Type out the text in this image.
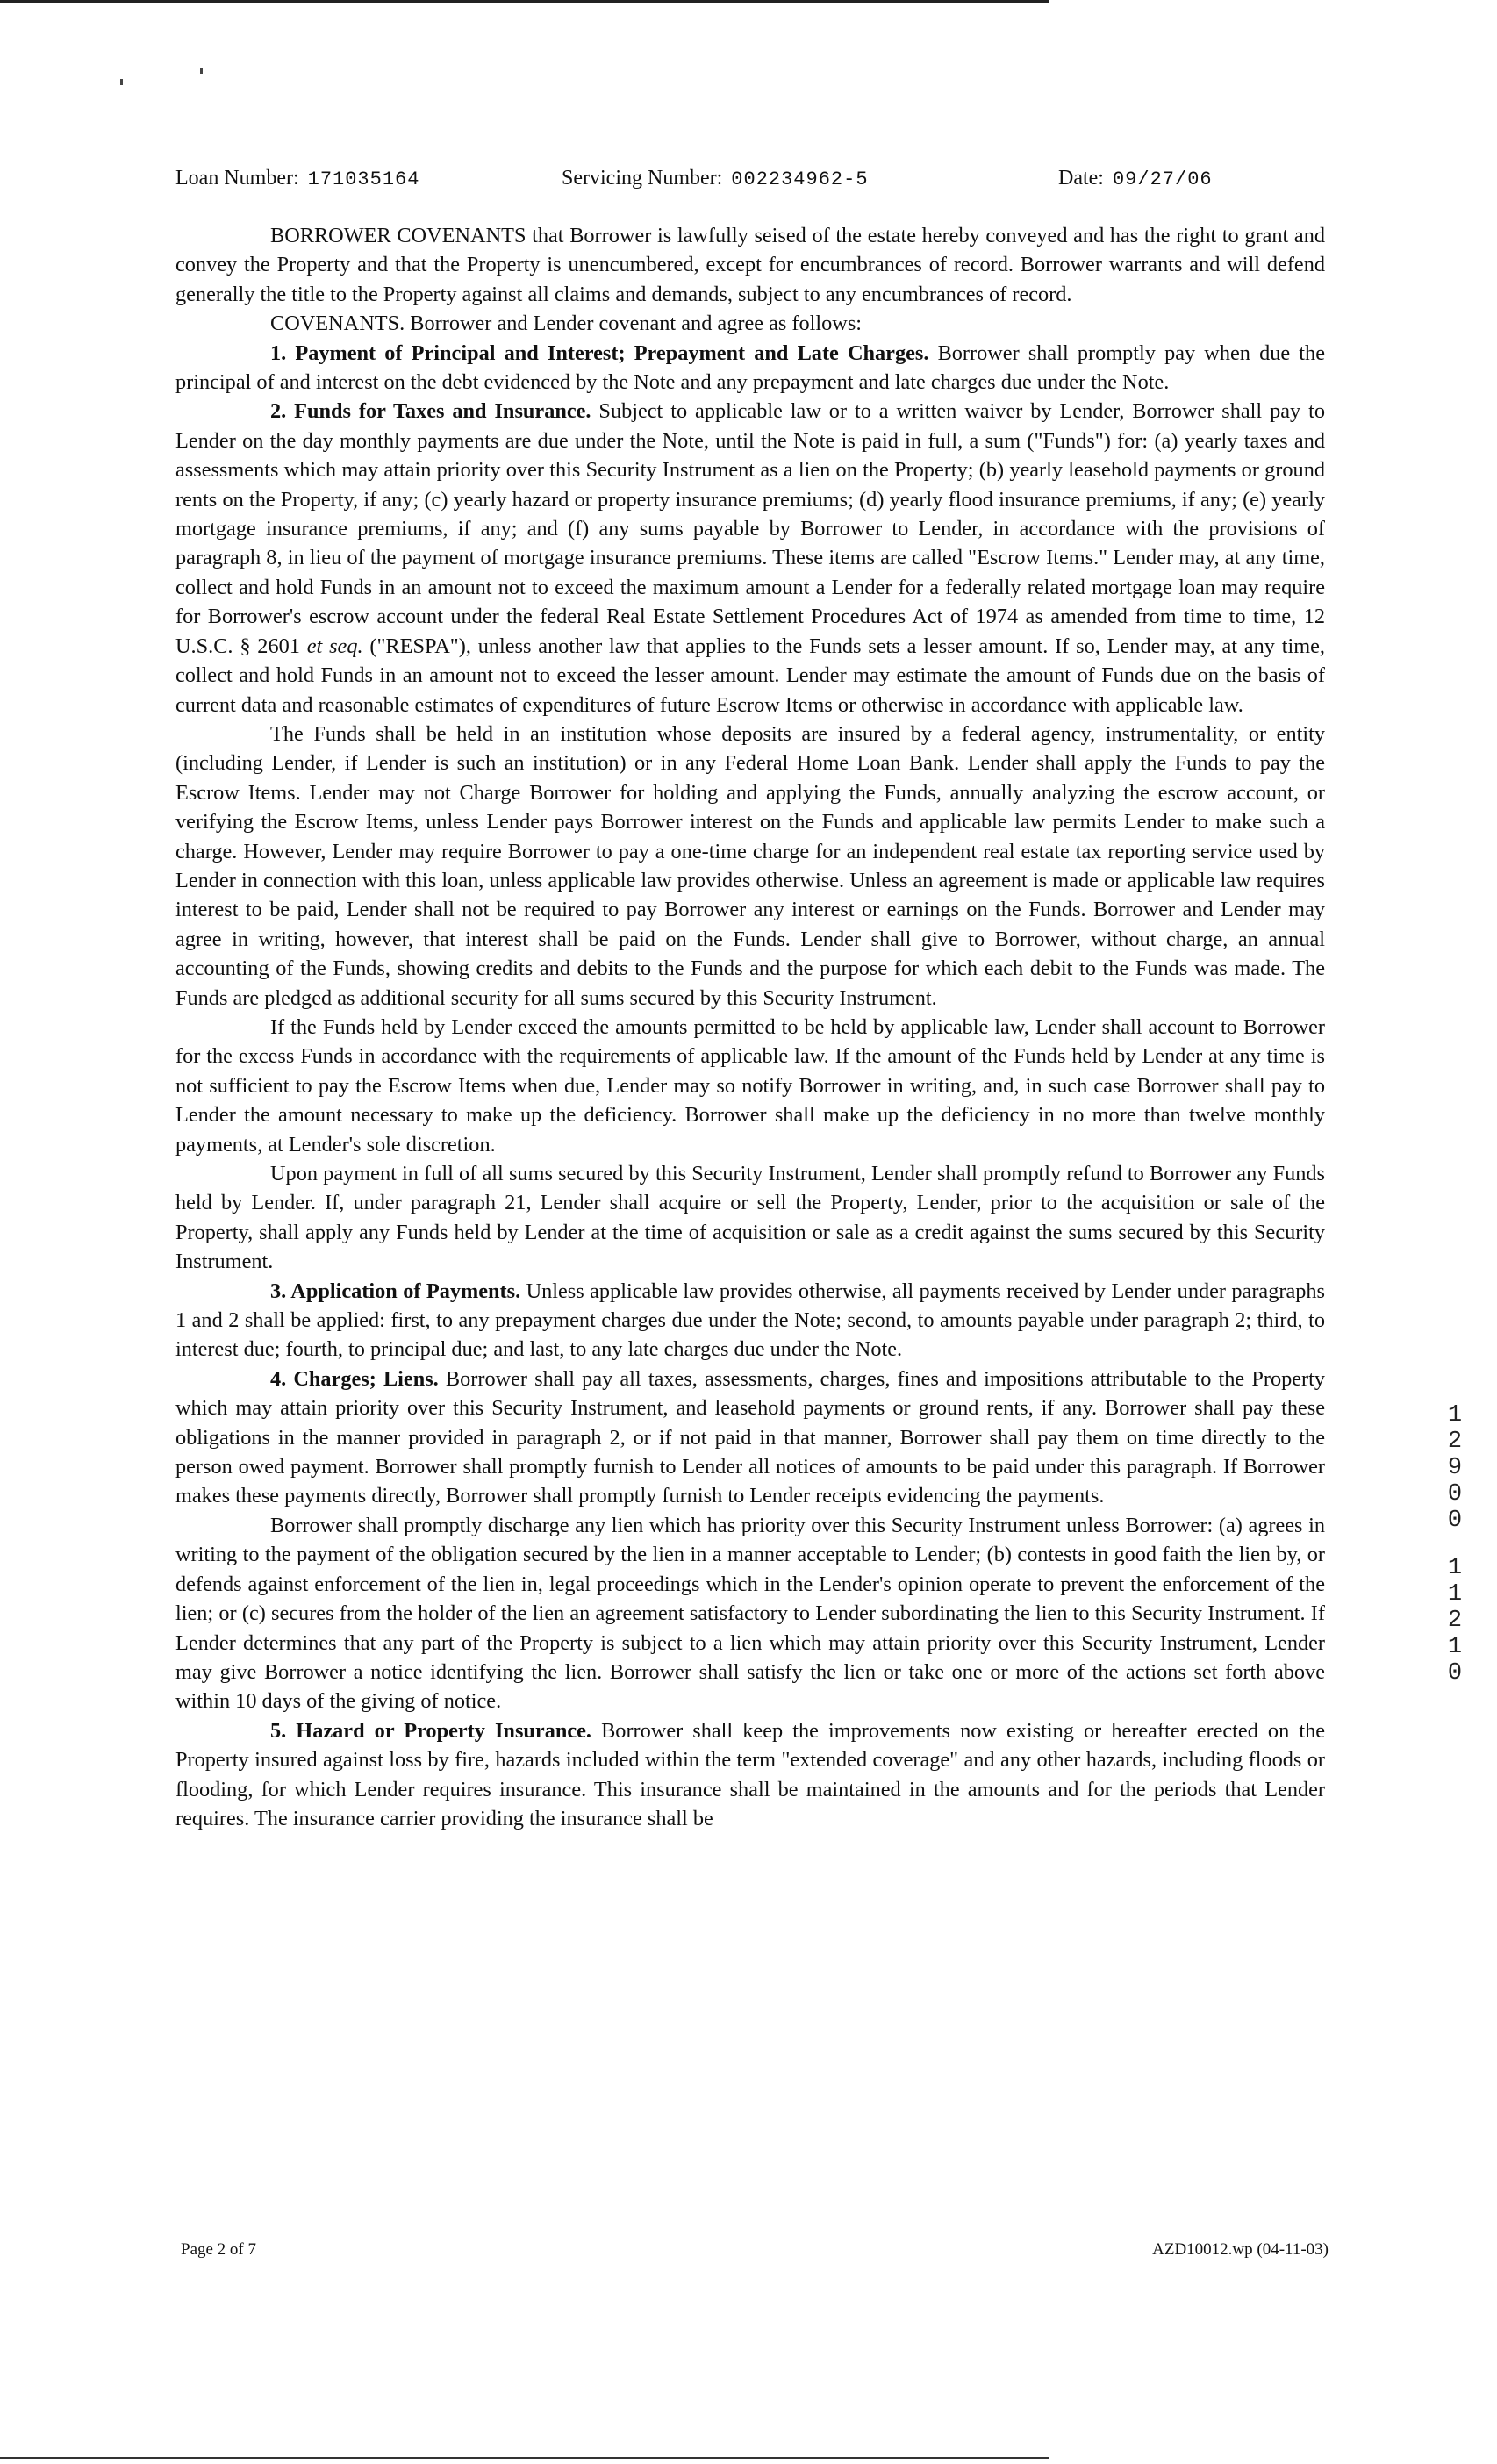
Loan Number: 171035164	Servicing Number: 002234962-5	Date: 09/27/06

BORROWER COVENANTS that Borrower is lawfully seised of the estate hereby conveyed and has the right to grant and convey the Property and that the Property is unencumbered, except for encumbrances of record. Borrower warrants and will defend generally the title to the Property against all claims and demands, subject to any encumbrances of record.

COVENANTS. Borrower and Lender covenant and agree as follows:

1. Payment of Principal and Interest; Prepayment and Late Charges. Borrower shall promptly pay when due the principal of and interest on the debt evidenced by the Note and any prepayment and late charges due under the Note.

2. Funds for Taxes and Insurance. Subject to applicable law or to a written waiver by Lender, Borrower shall pay to Lender on the day monthly payments are due under the Note, until the Note is paid in full, a sum ("Funds") for: (a) yearly taxes and assessments which may attain priority over this Security Instrument as a lien on the Property; (b) yearly leasehold payments or ground rents on the Property, if any; (c) yearly hazard or property insurance premiums; (d) yearly flood insurance premiums, if any; (e) yearly mortgage insurance premiums, if any; and (f) any sums payable by Borrower to Lender, in accordance with the provisions of paragraph 8, in lieu of the payment of mortgage insurance premiums. These items are called "Escrow Items." Lender may, at any time, collect and hold Funds in an amount not to exceed the maximum amount a Lender for a federally related mortgage loan may require for Borrower's escrow account under the federal Real Estate Settlement Procedures Act of 1974 as amended from time to time, 12 U.S.C. § 2601 et seq. ("RESPA"), unless another law that applies to the Funds sets a lesser amount. If so, Lender may, at any time, collect and hold Funds in an amount not to exceed the lesser amount. Lender may estimate the amount of Funds due on the basis of current data and reasonable estimates of expenditures of future Escrow Items or otherwise in accordance with applicable law.

The Funds shall be held in an institution whose deposits are insured by a federal agency, instrumentality, or entity (including Lender, if Lender is such an institution) or in any Federal Home Loan Bank. Lender shall apply the Funds to pay the Escrow Items. Lender may not Charge Borrower for holding and applying the Funds, annually analyzing the escrow account, or verifying the Escrow Items, unless Lender pays Borrower interest on the Funds and applicable law permits Lender to make such a charge. However, Lender may require Borrower to pay a one-time charge for an independent real estate tax reporting service used by Lender in connection with this loan, unless applicable law provides otherwise. Unless an agreement is made or applicable law requires interest to be paid, Lender shall not be required to pay Borrower any interest or earnings on the Funds. Borrower and Lender may agree in writing, however, that interest shall be paid on the Funds. Lender shall give to Borrower, without charge, an annual accounting of the Funds, showing credits and debits to the Funds and the purpose for which each debit to the Funds was made. The Funds are pledged as additional security for all sums secured by this Security Instrument.

If the Funds held by Lender exceed the amounts permitted to be held by applicable law, Lender shall account to Borrower for the excess Funds in accordance with the requirements of applicable law. If the amount of the Funds held by Lender at any time is not sufficient to pay the Escrow Items when due, Lender may so notify Borrower in writing, and, in such case Borrower shall pay to Lender the amount necessary to make up the deficiency. Borrower shall make up the deficiency in no more than twelve monthly payments, at Lender's sole discretion.

Upon payment in full of all sums secured by this Security Instrument, Lender shall promptly refund to Borrower any Funds held by Lender. If, under paragraph 21, Lender shall acquire or sell the Property, Lender, prior to the acquisition or sale of the Property, shall apply any Funds held by Lender at the time of acquisition or sale as a credit against the sums secured by this Security Instrument.

3. Application of Payments. Unless applicable law provides otherwise, all payments received by Lender under paragraphs 1 and 2 shall be applied: first, to any prepayment charges due under the Note; second, to amounts payable under paragraph 2; third, to interest due; fourth, to principal due; and last, to any late charges due under the Note.

4. Charges; Liens. Borrower shall pay all taxes, assessments, charges, fines and impositions attributable to the Property which may attain priority over this Security Instrument, and leasehold payments or ground rents, if any. Borrower shall pay these obligations in the manner provided in paragraph 2, or if not paid in that manner, Borrower shall pay them on time directly to the person owed payment. Borrower shall promptly furnish to Lender all notices of amounts to be paid under this paragraph. If Borrower makes these payments directly, Borrower shall promptly furnish to Lender receipts evidencing the payments.

Borrower shall promptly discharge any lien which has priority over this Security Instrument unless Borrower: (a) agrees in writing to the payment of the obligation secured by the lien in a manner acceptable to Lender; (b) contests in good faith the lien by, or defends against enforcement of the lien in, legal proceedings which in the Lender's opinion operate to prevent the enforcement of the lien; or (c) secures from the holder of the lien an agreement satisfactory to Lender subordinating the lien to this Security Instrument. If Lender determines that any part of the Property is subject to a lien which may attain priority over this Security Instrument, Lender may give Borrower a notice identifying the lien. Borrower shall satisfy the lien or take one or more of the actions set forth above within 10 days of the giving of notice.

5. Hazard or Property Insurance. Borrower shall keep the improvements now existing or hereafter erected on the Property insured against loss by fire, hazards included within the term "extended coverage" and any other hazards, including floods or flooding, for which Lender requires insurance. This insurance shall be maintained in the amounts and for the periods that Lender requires. The insurance carrier providing the insurance shall be

1
2
9
0
0
1
1
2
1
0
Page 2 of 7	AZD10012.wp (04-11-03)
